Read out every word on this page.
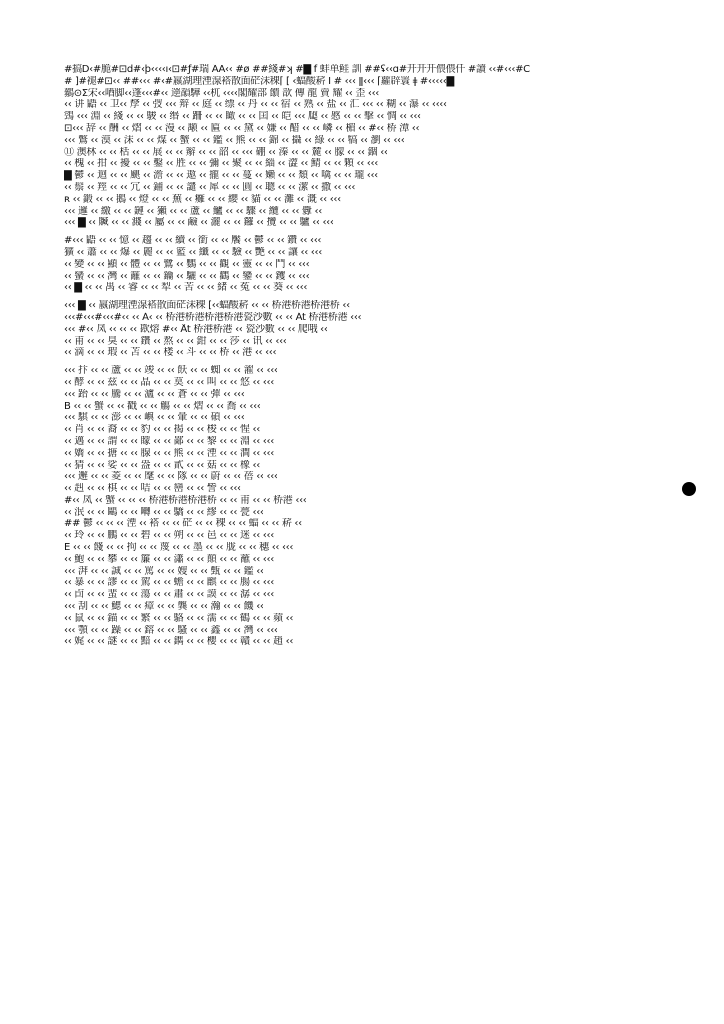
#搞D‹#脆#⊡d#‹þ‹‹‹‹ı‹⊡#ƒ#瑞 ÃÄ‹‹ #ø ##綫#ʞ #▇ f 蚌单鲑 訓 ##ʢ‹‹ɑ#开开开偎偎仟 #讀 ‹‹#‹‹‹#C
# ]#褪#⊡‹‹ ##‹‹‹ #‹#嬴湖理湮湶褡散面硭沫稞⌈ [ ‹蝠酸菥 I # ‹‹‹ ǁ‹‹‹ ⌈蘿辟瞏 ǂ #‹‹‹‹‹▇
鶸⊙Σ宋‹‹唒脚‹‹蓬‹‹‹#‹‹ 遻韻驊 ‹‹杌 ‹‹‹‹閣耀部 饋 歆 傳 龍 賣 耀 ‹‹ 歪 ‹‹‹
‹‹ 讲 鼯 ‹‹ 卫‹‹ 孷 ‹‹ 弢 ‹‹‹ 辩 ‹‹ 庭 ‹‹ 缥 ‹‹ 丹 ‹‹ ‹‹ 宿 ‹‹ 熟 ‹‹ 盐 ‹‹ 汇 ‹‹‹ ‹‹ 糊 ‹‹ 瀑 ‹‹ ‹‹‹‹
鵼 ‹‹‹ 淵 ‹‹ 綫 ‹‹ ‹‹ 駿 ‹‹ 缗 ‹‹ 跚 ‹‹ ‹‹ 瞰 ‹‹ ‹‹ 囯 ‹‹ 皑 ‹‹‹ 瓟 ‹‹ 慼 ‹‹ ‹‹ 擊 ‹‹ 惆 ‹‹ ‹‹‹
⊡‹‹‹ 辞 ‹‹ 酬 ‹‹ 熠 ‹‹ ‹‹ 漫 ‹‹ 颙 ‹‹ 匾 ‹‹ ‹‹ 黛 ‹‹ 嫌 ‹‹ 醋 ‹‹ ‹‹ 嶙 ‹‹ 楣 ‹‹ #‹‹ 桥 潭 ‹‹
‹‹‹ 鷩 ‹‹ 漠 ‹‹ 沫 ‹‹ ‹‹ 煤 ‹‹ 蟹 ‹‹ ‹‹ 鑑 ‹‹ 熊 ‹‹ ‹‹ 錦 ‹‹ 攝 ‹‹ 綠 ‹‹ ‹‹ 犒 ‹‹ 瀏 ‹‹ ‹‹‹
⑪ 澳林 ‹‹ ‹‹ 栝 ‹‹ ‹‹ 展 ‹‹ ‹‹ 辮 ‹‹ ‹‹ 韶 ‹‹ ‹‹‹ 硼 ‹‹ 溱 ‹‹ ‹‹ 麓 ‹‹ 朦 ‹‹ ‹‹ 錮 ‹‹
‹‹ 槐 ‹‹ 拑 ‹‹ 擾 ‹‹ ‹‹ 鑿 ‹‹ 胜 ‹‹ ‹‹ 彌 ‹‹ 聚 ‹‹ ‹‹ 緇 ‹‹ 澀 ‹‹ 鯖 ‹‹ ‹‹ 顆 ‹‹ ‹‹‹
▇ 鬱 ‹‹ 迴 ‹‹ ‹‹ 颶 ‹‹ 澹 ‹‹ ‹‹ 遨 ‹‹ 攏 ‹‹ ‹‹ 蔓 ‹‹ 嬾 ‹‹ ‹‹ 頹 ‹‹ 噙 ‹‹ ‹‹ 瓏 ‹‹‹
‹‹ 鬃 ‹‹ 羥 ‹‹ ‹‹ 冗 ‹‹ 鋪 ‹‹ ‹‹ 譴 ‹‹ 犀 ‹‹ ‹‹ 圓 ‹‹ 聰 ‹‹ ‹‹ 潔 ‹‹ 撒 ‹‹ ‹‹‹
ʀ ‹‹ 鍛 ‹‹ ‹‹ 鵝 ‹‹ 燈 ‹‹ ‹‹ 蕪 ‹‹ 癱 ‹‹ ‹‹ 纓 ‹‹ 貓 ‹‹ ‹‹ 灘 ‹‹ 溉 ‹‹ ‹‹‹
‹‹‹ 邏 ‹‹ 繳 ‹‹ ‹‹ 鏈 ‹‹ 獺 ‹‹ ‹‹ 蘆 ‹‹ 鱸 ‹‹ ‹‹ 驟 ‹‹ 纜 ‹‹ ‹‹ 釁 ‹‹
‹‹‹ ▇ ‹‹ 贓 ‹‹ ‹‹ 濺 ‹‹ 屬 ‹‹ ‹‹ 鹼 ‹‹ 灑 ‹‹ ‹‹ 鑼 ‹‹ 攬 ‹‹ ‹‹ 驢 ‹‹ ‹‹‹
#‹‹‹ 鼯 ‹‹ ‹‹ 憶 ‹‹ 趨 ‹‹ ‹‹ 續 ‹‹ 銜 ‹‹ ‹‹ 饜 ‹‹ 鬱 ‹‹ ‹‹ 鑽 ‹‹ ‹‹‹
獷 ‹‹ 蕭 ‹‹ ‹‹ 爆 ‹‹ 麗 ‹‹ ‹‹ 籃 ‹‹ 纖 ‹‹ ‹‹ 驗 ‹‹ 艷 ‹‹ ‹‹ 讓 ‹‹ ‹‹‹
‹‹ 變 ‹‹ ‹‹ 顯 ‹‹ 體 ‹‹ ‹‹ 鷺 ‹‹ 鸚 ‹‹ ‹‹ 觀 ‹‹ 靈 ‹‹ ‹‹ 鬥 ‹‹ ‹‹‹
‹‹ 蠻 ‹‹ ‹‹ 灣 ‹‹ 籬 ‹‹ ‹‹ 鑰 ‹‹ 驪 ‹‹ ‹‹ 鸛 ‹‹ 鑾 ‹‹ ‹‹ 钁 ‹‹ ‹‹‹
‹‹ ▇ ‹‹ ‹‹ 禺 ‹‹ 睿 ‹‹ ‹‹ 犁 ‹‹ 苦 ‹‹ ‹‹ 緒 ‹‹ 菟 ‹‹ ‹‹ 葵 ‹‹ ‹‹‹
‹‹‹ ▇ ‹‹ 嬴湖理湮湶褡散面硭沫稞 [‹‹蝠酸菥 ‹‹ ‹‹ 桥港桥港桥港桥 ‹‹
‹‹‹#‹‹‹#‹‹‹#‹‹ ‹‹ Á‹ ‹‹ 桥港桥港桥港桥港瓷沙數 ‹‹ ‹‹ Át 桥港桥港 ‹‹‹
‹‹‹ #‹‹ 凤 ‹‹ ‹‹ ‹‹ 歁熔 #‹‹ Åt 桥港桥港 ‹‹ 瓷沙數 ‹‹ ‹‹ 爬哦 ‹‹
‹‹ 甫 ‹‹ ‹‹ 臭 ‹‹ ‹‹ 鑽 ‹‹ 熬 ‹‹ ‹‹ 鉗 ‹‹ ‹‹ 莎 ‹‹ 讯 ‹‹ ‹‹‹
‹‹ 滴 ‹‹ ‹‹ 瑕 ‹‹ 苫 ‹‹ ‹‹ 楼 ‹‹ 斗 ‹‹ ‹‹ 桥 ‹‹ 港 ‹‹ ‹‹‹
‹‹‹ 抃 ‹‹ ‹‹ 蘆 ‹‹ ‹‹ 竣 ‹‹ ‹‹ 飫 ‹‹ ‹‹ 蜘 ‹‹ ‹‹ 濯 ‹‹ ‹‹‹
‹‹ 酵 ‹‹ ‹‹ 兹 ‹‹ ‹‹ 晶 ‹‹ ‹‹ 莫 ‹‹ ‹‹ 叫 ‹‹ ‹‹ 悠 ‹‹ ‹‹‹
‹‹‹ 跆 ‹‹ ‹‹ 騰 ‹‹ ‹‹ 瀘 ‹‹ ‹‹ 蒼 ‹‹ ‹‹ 彈 ‹‹ ‹‹‹
B ‹‹ ‹‹ 蟹 ‹‹ ‹‹ 戳 ‹‹ ‹‹ 觴 ‹‹ ‹‹ 熠 ‹‹ ‹‹ 喬 ‹‹ ‹‹‹
‹‹‹ 騏 ‹‹ ‹‹ 澎 ‹‹ ‹‹ 嶼 ‹‹ ‹‹ 暈 ‹‹ ‹‹ 碩 ‹‹ ‹‹‹
‹‹ 肖 ‹‹ ‹‹ 裔 ‹‹ ‹‹ 豹 ‹‹ ‹‹ 揭 ‹‹ ‹‹ 梭 ‹‹ ‹‹ 惺 ‹‹
‹‹ 邁 ‹‹ ‹‹ 謂 ‹‹ ‹‹ 矇 ‹‹ ‹‹ 鄙 ‹‹ ‹‹ 黎 ‹‹ ‹‹ 淵 ‹‹ ‹‹‹
‹‹ 嬌 ‹‹ ‹‹ 搪 ‹‹ ‹‹ 腺 ‹‹ ‹‹ 熊 ‹‹ ‹‹ 湮 ‹‹ ‹‹ 澗 ‹‹ ‹‹‹
‹‹ 猜 ‹‹ ‹‹ 娑 ‹‹ ‹‹ 盎 ‹‹ ‹‹ 貳 ‹‹ ‹‹ 菇 ‹‹ ‹‹ 橡 ‹‹
‹‹‹ 邂 ‹‹ ‹‹ 菱 ‹‹ ‹‹ 麾 ‹‹ ‹‹ 隊 ‹‹ ‹‹ 蔚 ‹‹ ‹‹ 蓓 ‹‹ ‹‹‹
‹‹ 赳 ‹‹ ‹‹ 棋 ‹‹ ‹‹ 咭 ‹‹ ‹‹ 巒 ‹‹ ‹‹ 訾 ‹‹ ‹‹‹
#‹‹ 凤 ‹‹ 蟹 ‹‹ ‹‹ ‹‹ 桥港桥港桥港桥 ‹‹ ‹‹ 甫 ‹‹ ‹‹ 桥港 ‹‹‹
‹‹ 泯 ‹‹ ‹‹ 鷗 ‹‹ ‹‹ 囀 ‹‹ ‹‹ 驕 ‹‹ ‹‹ 繆 ‹‹ ‹‹ 甍 ‹‹‹
## 鬱 ‹‹ ‹‹ ‹‹ 湮 ‹‹ 褡 ‹‹ ‹‹ 硭 ‹‹ ‹‹ 稞 ‹‹ ‹‹ 蝠 ‹‹ ‹‹ 菥 ‹‹
‹‹ 玲 ‹‹ ‹‹ 鵬 ‹‹ ‹‹ 碧 ‹‹ ‹‹ 朔 ‹‹ ‹‹ 邑 ‹‹ ‹‹ 迷 ‹‹ ‹‹‹
E ‹‹ ‹‹ 餞 ‹‹ ‹‹ 拘 ‹‹ ‹‹ 蔑 ‹‹ ‹‹ 墨 ‹‹ ‹‹ 胧 ‹‹ ‹‹ 穗 ‹‹ ‹‹‹
‹‹ 鮑 ‹‹ ‹‹ 攀 ‹‹ ‹‹ 簾 ‹‹ ‹‹ 瀟 ‹‹ ‹‹ 顛 ‹‹ ‹‹ 蘸 ‹‹ ‹‹‹
‹‹‹ 湃 ‹‹ ‹‹ 誠 ‹‹ ‹‹ 罵 ‹‹ ‹‹ 嫂 ‹‹ ‹‹ 甄 ‹‹ ‹‹ 鑑 ‹‹
‹‹ 暴 ‹‹ ‹‹ 謬 ‹‹ ‹‹ 駕 ‹‹ ‹‹ 蟾 ‹‹ ‹‹ 麒 ‹‹ ‹‹ 腸 ‹‹ ‹‹‹
‹‹ 卣 ‹‹ ‹‹ 蜚 ‹‹ ‹‹ 蕩 ‹‹ ‹‹ 肅 ‹‹ ‹‹ 謨 ‹‹ ‹‹ 潺 ‹‹ ‹‹‹
‹‹‹ 刮 ‹‹ ‹‹ 鰓 ‹‹ ‹‹ 瘴 ‹‹ ‹‹ 龔 ‹‹ ‹‹ 瀚 ‹‹ ‹‹ 饑 ‹‹
‹‹ 鼠 ‹‹ ‹‹ 錨 ‹‹ ‹‹ 繁 ‹‹ ‹‹ 駱 ‹‹ ‹‹ 濡 ‹‹ ‹‹ 鶴 ‹‹ ‹‹ 蘋 ‹‹
‹‹‹ 顎 ‹‹ ‹‹ 躁 ‹‹ ‹‹ 鎔 ‹‹ ‹‹ 騷 ‹‹ ‹‹ 鑫 ‹‹ ‹‹ 灣 ‹‹ ‹‹‹
‹‹ 娓 ‹‹ ‹‹ 謎 ‹‹ ‹‹ 黯 ‹‹ ‹‹ 鐫 ‹‹ ‹‹ 櫻 ‹‹ ‹‹ 贛 ‹‹ ‹‹ 趙 ‹‹
